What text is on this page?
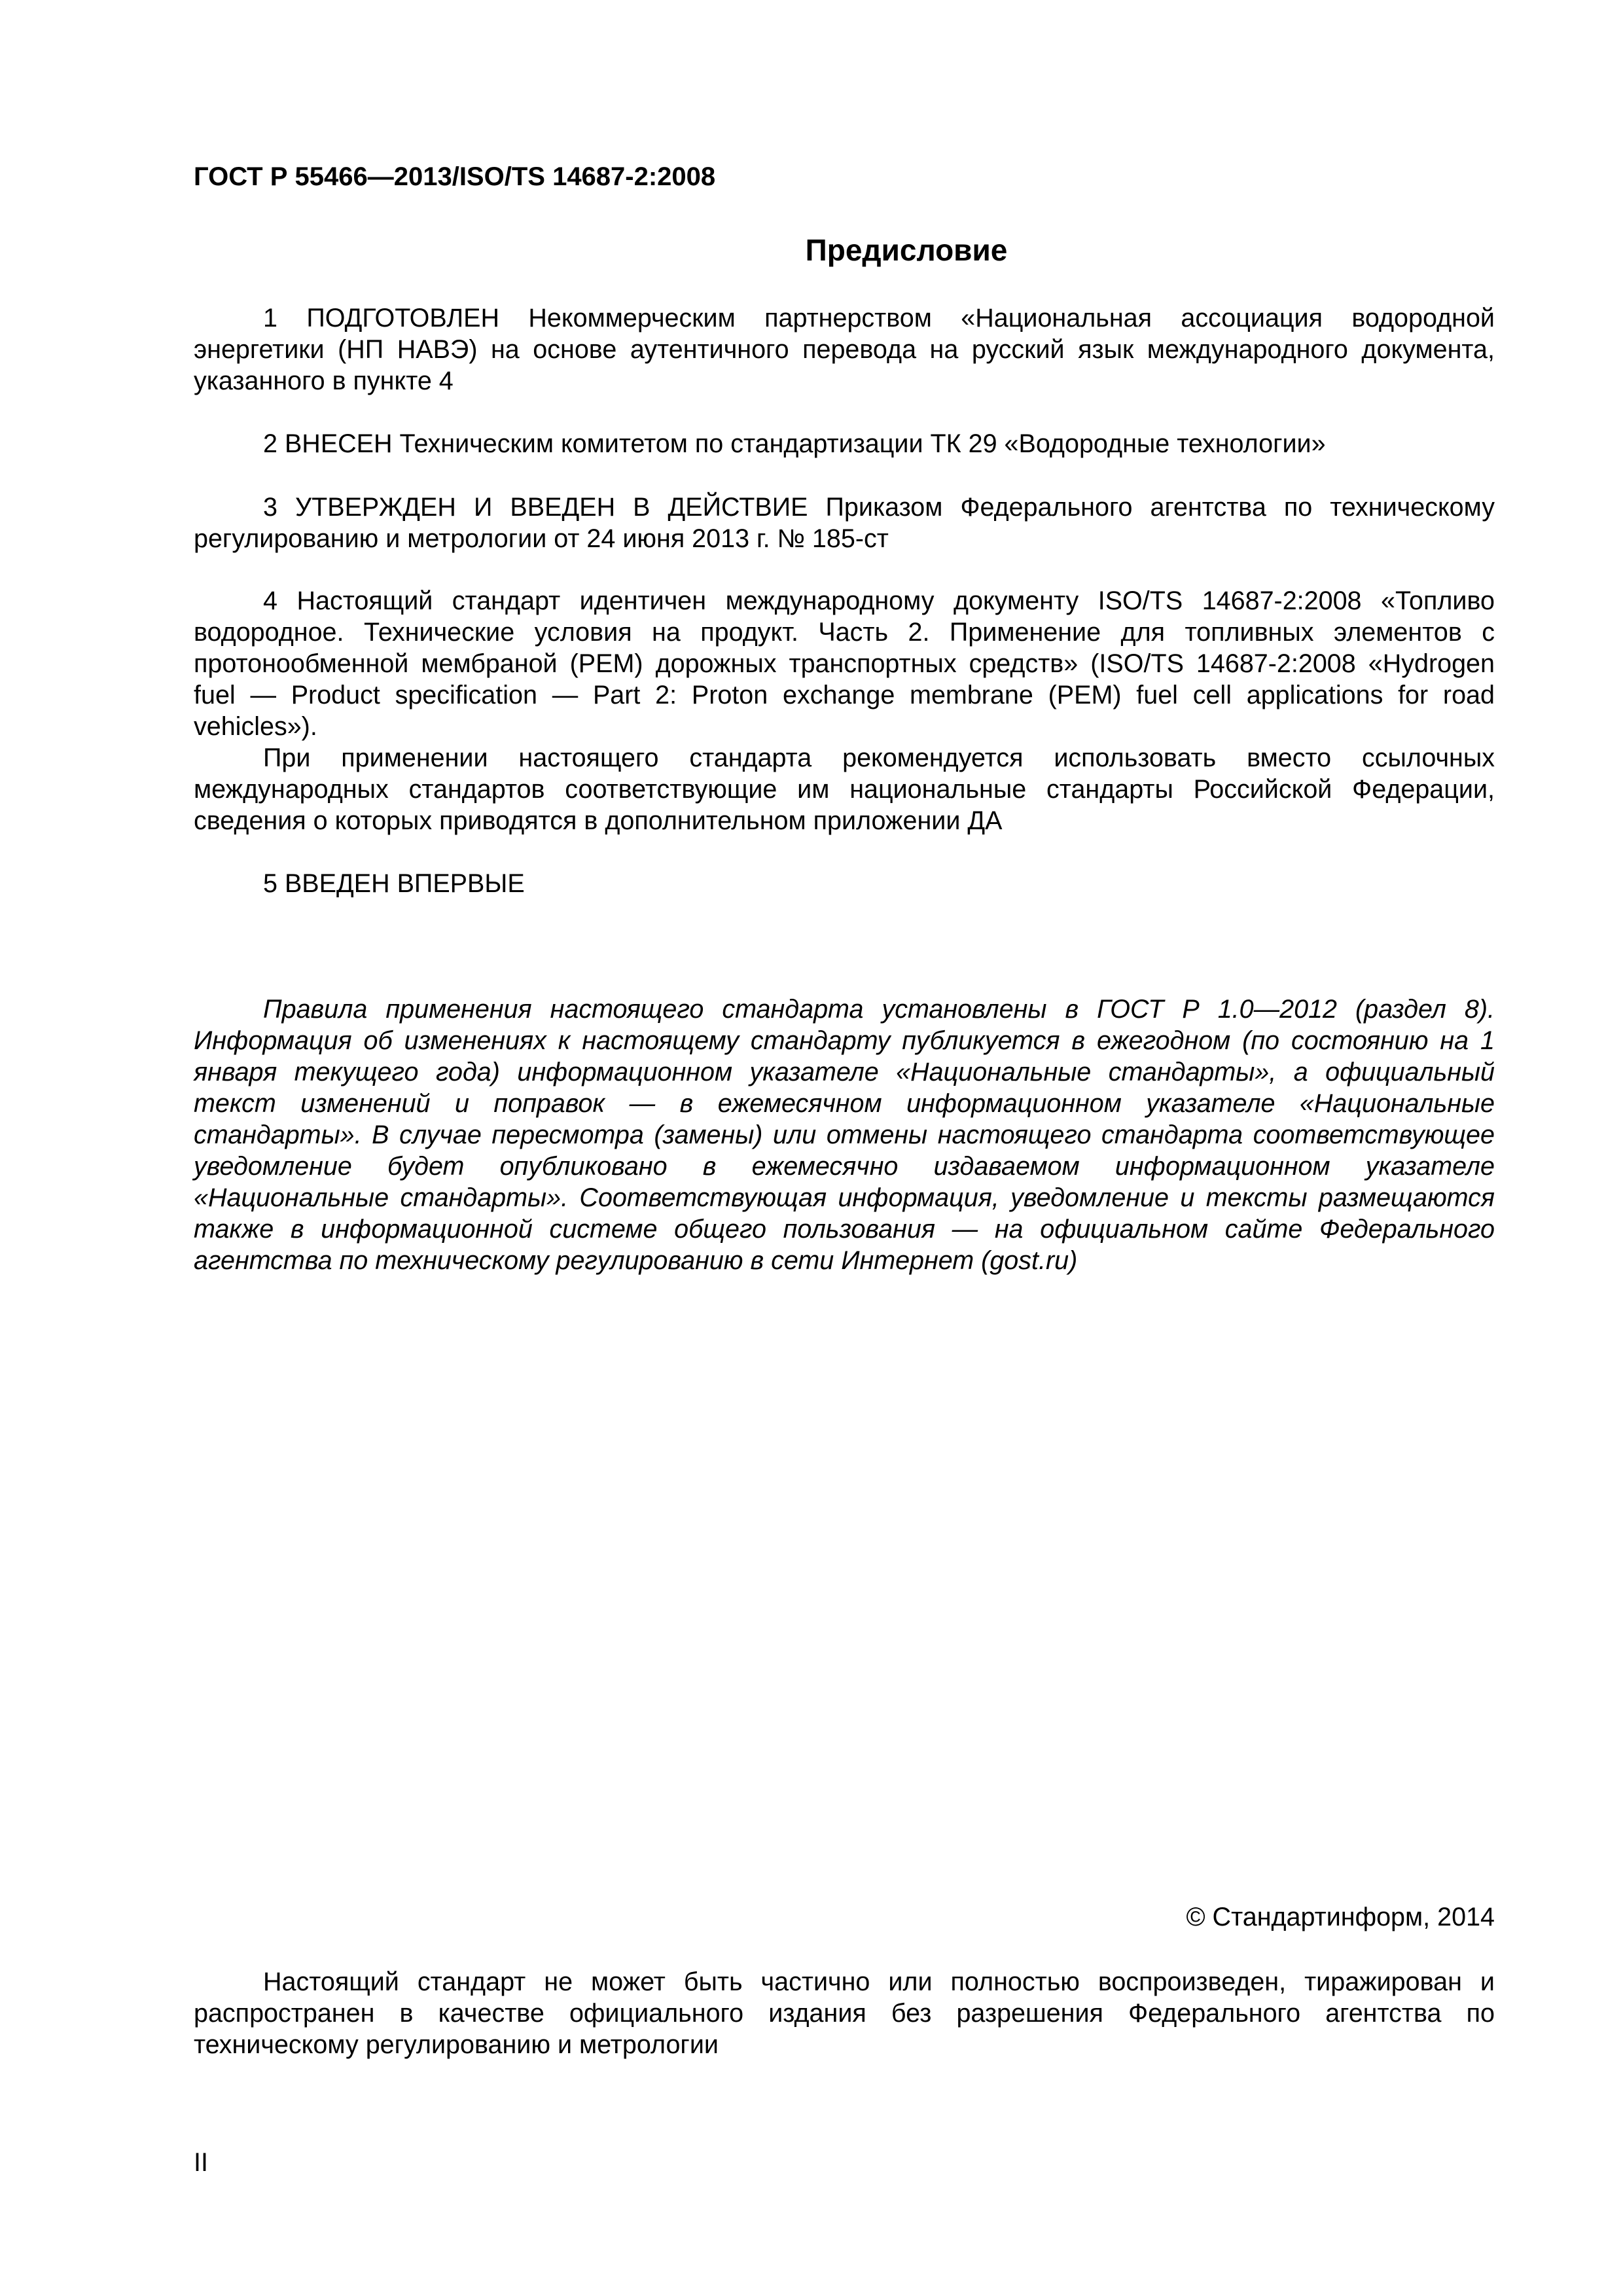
ГОСТ Р 55466—2013/ISO/TS 14687-2:2008

Предисловие

1 ПОДГОТОВЛЕН Некоммерческим партнерством «Национальная ассоциация водородной энергетики (НП НАВЭ) на основе аутентичного перевода на русский язык международного документа, указанного в пункте 4

2 ВНЕСЕН Техническим комитетом по стандартизации ТК 29 «Водородные технологии»

3 УТВЕРЖДЕН И ВВЕДЕН В ДЕЙСТВИЕ Приказом Федерального агентства по техническому регулированию и метрологии от 24 июня 2013 г. № 185-ст

4 Настоящий стандарт идентичен международному документу ISO/TS 14687-2:2008 «Топливо водородное. Технические условия на продукт. Часть 2. Применение для топливных элементов с протонообменной мембраной (PEM) дорожных транспортных средств» (ISO/TS 14687-2:2008 «Hydrogen fuel — Product specification — Part 2: Proton exchange membrane (PEM) fuel cell applications for road vehicles»).

При применении настоящего стандарта рекомендуется использовать вместо ссылочных международных стандартов соответствующие им национальные стандарты Российской Федерации, сведения о которых приводятся в дополнительном приложении ДА

5 ВВЕДЕН ВПЕРВЫЕ

Правила применения настоящего стандарта установлены в ГОСТ Р 1.0—2012 (раздел 8). Информация об изменениях к настоящему стандарту публикуется в ежегодном (по состоянию на 1 января текущего года) информационном указателе «Национальные стандарты», а официальный текст изменений и поправок — в ежемесячном информационном указателе «Национальные стандарты». В случае пересмотра (замены) или отмены настоящего стандарта соответствующее уведомление будет опубликовано в ежемесячно издаваемом информационном указателе «Национальные стандарты». Соответствующая информация, уведомление и тексты размещаются также в информационной системе общего пользования — на официальном сайте Федерального агентства по техническому регулированию в сети Интернет (gost.ru)

© Стандартинформ, 2014

Настоящий стандарт не может быть частично или полностью воспроизведен, тиражирован и распространен в качестве официального издания без разрешения Федерального агентства по техническому регулированию и метрологии

II
